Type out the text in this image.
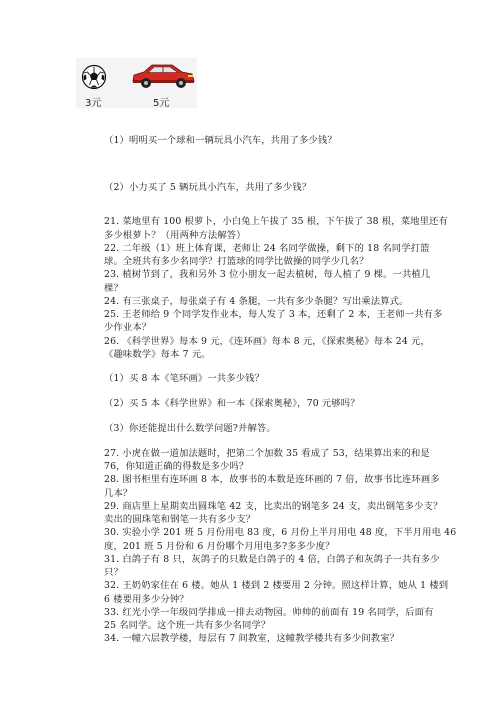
3元	5元
（1）明明买一个球和一辆玩具小汽车，共用了多少钱？
（2）小力买了 5 辆玩具小汽车，共用了多少钱？
21. 菜地里有 100 根萝卜，小白兔上午拔了 35 根，下午拔了 38 根，菜地里还有
多少根萝卜？（用两种方法解答）
22. 二年级（1）班上体育课，老师让 24 名同学做操，剩下的 18 名同学打篮
球。全班共有多少名同学？打篮球的同学比做操的同学少几名？
23. 植树节到了，我和另外 3 位小朋友一起去植树，每人植了 9 棵。一共植几
棵？
24. 有三张桌子，每张桌子有 4 条腿，一共有多少条腿？写出乘法算式。
25. 王老师给 9 个同学发作业本，每人发了 3 本，还剩了 2 本，王老师一共有多
少作业本？
26. 《科学世界》每本 9 元，《连环画》每本 8 元，《探索奥秘》每本 24 元，
《趣味数学》每本 7 元。
（1）买 8 本《笔环画》一共多少钱？
（2）买 5 本《科学世界》和一本《探索奥秘》，70 元够吗？
（3）你还能提出什么数学问题?并解答。
27. 小虎在做一道加法题时，把第二个加数 35 看成了 53，结果算出来的和是
76，你知道正确的得数是多少吗？
28. 图书柜里有连环画 8 本，故事书的本数是连环画的 7 倍，故事书比连环画多
几本？
29. 商店里上星期卖出圆珠笔 42 支，比卖出的钢笔多 24 支，卖出钢笔多少支？
卖出的圆珠笔和钢笔一共有多少支？
30. 实验小学 201 班 5 月份用电 83 度，6 月份上半月用电 48 度，下半月用电 46
度，201 班 5 月份和 6 月份哪个月用电多?多多少度？
31. 白鸽子有 8 只，灰鸽子的只数是白鸽子的 4 倍，白鸽子和灰鸽子一共有多少
只？
32. 王奶奶家住在 6 楼。她从 1 楼到 2 楼要用 2 分钟。照这样计算，她从 1 楼到
6 楼要用多少分钟？
33. 红光小学一年级同学排成一排去动物园。帅帅的前面有 19 名同学，后面有
25 名同学。这个班一共有多少名同学？
34. 一幢六层教学楼，每层有 7 间教室，这幢教学楼共有多少间教室？
